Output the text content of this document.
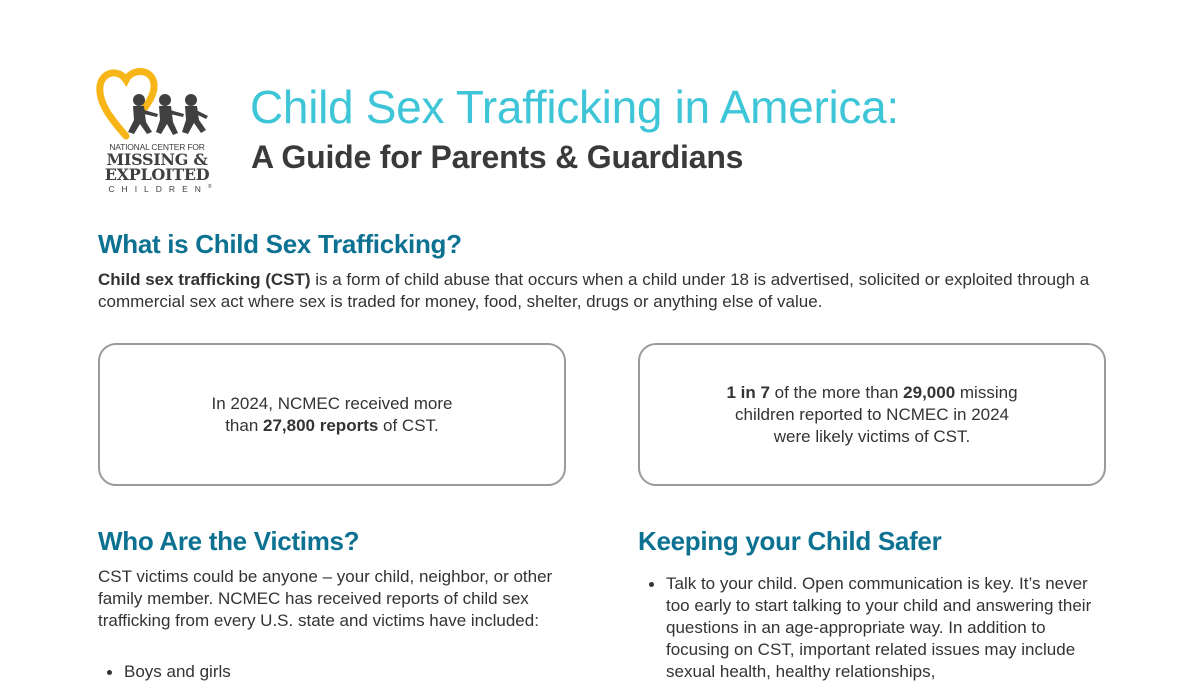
NATIONAL CENTER FOR
MISSING &
EXPLOITED
CHILDREN®
Child Sex Trafficking in America:
A Guide for Parents & Guardians
What is Child Sex Trafficking?

Child sex trafficking (CST) is a form of child abuse that occurs when a child under 18 is advertised, solicited or exploited through a commercial sex act where sex is traded for money, food, shelter, drugs or anything else of value.

In 2024, NCMEC received more than 27,800 reports of CST.
1 in 7 of the more than 29,000 missing children reported to NCMEC in 2024 were likely victims of CST.
Who Are the Victims?

CST victims could be anyone – your child, neighbor, or other family member. NCMEC has received reports of child sex trafficking from every U.S. state and victims have included:

Boys and girls
Keeping your Child Safer
Talk to your child. Open communication is key. It’s never too early to start talking to your child and answering their questions in an age-appropriate way. In addition to focusing on CST, important related issues may include sexual health, healthy relationships,
